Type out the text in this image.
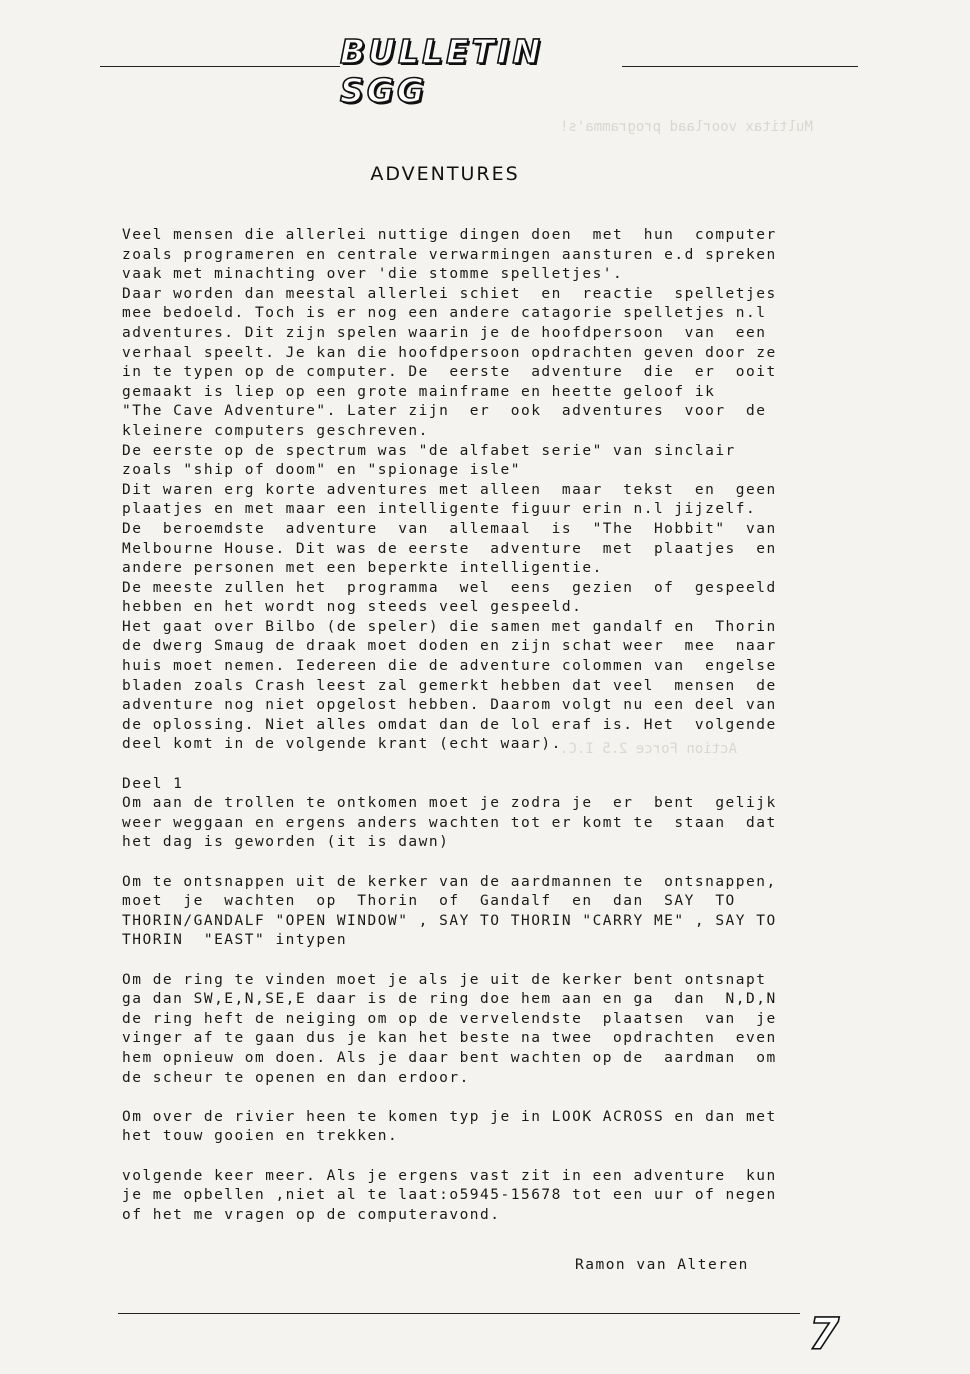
Multitax voorlaad programma's!
Action Force 2.5 I.C.
BULLETIN SGG
ADVENTURES
Veel mensen die allerlei nuttige dingen doen  met  hun  computer
zoals programeren en centrale verwarmingen aansturen e.d spreken
vaak met minachting over 'die stomme spelletjes'.
Daar worden dan meestal allerlei schiet  en  reactie  spelletjes
mee bedoeld. Toch is er nog een andere catagorie spelletjes n.l
adventures. Dit zijn spelen waarin je de hoofdpersoon  van  een
verhaal speelt. Je kan die hoofdpersoon opdrachten geven door ze
in te typen op de computer. De  eerste  adventure  die  er  ooit
gemaakt is liep op een grote mainframe en heette geloof ik
"The Cave Adventure". Later zijn  er  ook  adventures  voor  de
kleinere computers geschreven.
De eerste op de spectrum was "de alfabet serie" van sinclair
zoals "ship of doom" en "spionage isle"
Dit waren erg korte adventures met alleen  maar  tekst  en  geen
plaatjes en met maar een intelligente figuur erin n.l jijzelf.
De  beroemdste  adventure  van  allemaal  is  "The  Hobbit"  van
Melbourne House. Dit was de eerste  adventure  met  plaatjes  en
andere personen met een beperkte intelligentie.
De meeste zullen het  programma  wel  eens  gezien  of  gespeeld
hebben en het wordt nog steeds veel gespeeld.
Het gaat over Bilbo (de speler) die samen met gandalf en  Thorin
de dwerg Smaug de draak moet doden en zijn schat weer  mee  naar
huis moet nemen. Iedereen die de adventure colommen van  engelse
bladen zoals Crash leest zal gemerkt hebben dat veel  mensen  de
adventure nog niet opgelost hebben. Daarom volgt nu een deel van
de oplossing. Niet alles omdat dan de lol eraf is. Het  volgende
deel komt in de volgende krant (echt waar).
Deel 1
Om aan de trollen te ontkomen moet je zodra je  er  bent  gelijk
weer weggaan en ergens anders wachten tot er komt te  staan  dat
het dag is geworden (it is dawn)
Om te ontsnappen uit de kerker van de aardmannen te  ontsnappen,
moet  je  wachten  op  Thorin  of  Gandalf  en  dan  SAY  TO
THORIN/GANDALF "OPEN WINDOW" , SAY TO THORIN "CARRY ME" , SAY TO
THORIN  "EAST" intypen
Om de ring te vinden moet je als je uit de kerker bent ontsnapt
ga dan SW,E,N,SE,E daar is de ring doe hem aan en ga  dan  N,D,N
de ring heft de neiging om op de vervelendste  plaatsen  van  je
vinger af te gaan dus je kan het beste na twee  opdrachten  even
hem opnieuw om doen. Als je daar bent wachten op de  aardman  om
de scheur te openen en dan erdoor.
Om over de rivier heen te komen typ je in LOOK ACROSS en dan met
het touw gooien en trekken.
volgende keer meer. Als je ergens vast zit in een adventure  kun
je me opbellen ,niet al te laat:o5945-15678 tot een uur of negen
of het me vragen op de computeravond.
Ramon van Alteren
7
